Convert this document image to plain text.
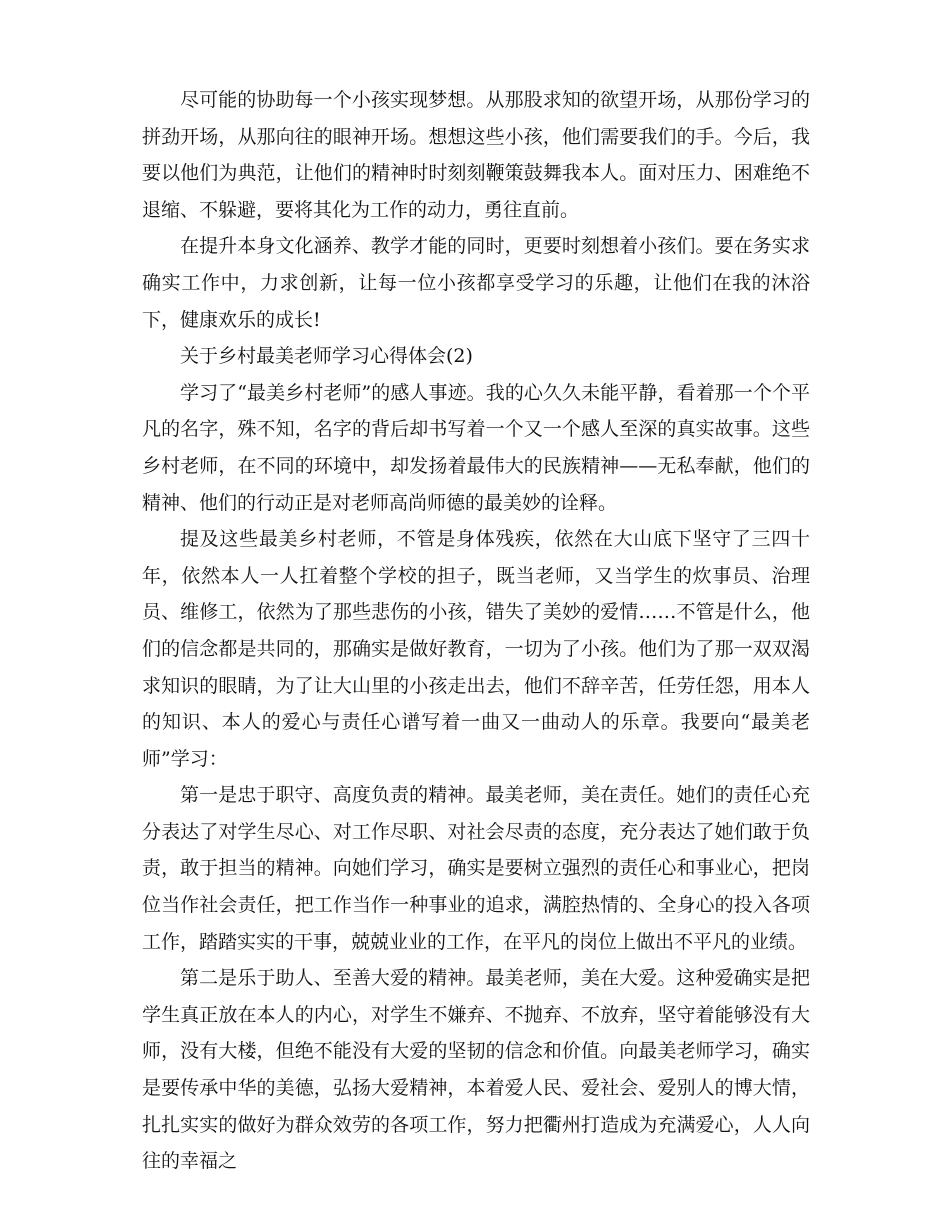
尽可能的协助每一个小孩实现梦想。从那股求知的欲望开场，从那份学习的拼劲开场，从那向往的眼神开场。想想这些小孩，他们需要我们的手。今后，我要以他们为典范，让他们的精神时时刻刻鞭策鼓舞我本人。面对压力、困难绝不退缩、不躲避，要将其化为工作的动力，勇往直前。

在提升本身文化涵养、教学才能的同时，更要时刻想着小孩们。要在务实求确实工作中，力求创新，让每一位小孩都享受学习的乐趣，让他们在我的沐浴下，健康欢乐的成长!

关于乡村最美老师学习心得体会(2)

学习了“最美乡村老师”的感人事迹。我的心久久未能平静，看着那一个个平凡的名字，殊不知，名字的背后却书写着一个又一个感人至深的真实故事。这些乡村老师，在不同的环境中，却发扬着最伟大的民族精神——无私奉献，他们的精神、他们的行动正是对老师高尚师德的最美妙的诠释。

提及这些最美乡村老师，不管是身体残疾，依然在大山底下坚守了三四十年，依然本人一人扛着整个学校的担子，既当老师，又当学生的炊事员、治理员、维修工，依然为了那些悲伤的小孩，错失了美妙的爱情……不管是什么，他们的信念都是共同的，那确实是做好教育，一切为了小孩。他们为了那一双双渴求知识的眼睛，为了让大山里的小孩走出去，他们不辞辛苦，任劳任怨，用本人的知识、本人的爱心与责任心谱写着一曲又一曲动人的乐章。我要向“最美老师”学习：

第一是忠于职守、高度负责的精神。最美老师，美在责任。她们的责任心充分表达了对学生尽心、对工作尽职、对社会尽责的态度，充分表达了她们敢于负责，敢于担当的精神。向她们学习，确实是要树立强烈的责任心和事业心，把岗位当作社会责任，把工作当作一种事业的追求，满腔热情的、全身心的投入各项工作，踏踏实实的干事，兢兢业业的工作，在平凡的岗位上做出不平凡的业绩。

第二是乐于助人、至善大爱的精神。最美老师，美在大爱。这种爱确实是把学生真正放在本人的内心，对学生不嫌弃、不抛弃、不放弃，坚守着能够没有大师，没有大楼，但绝不能没有大爱的坚韧的信念和价值。向最美老师学习，确实是要传承中华的美德，弘扬大爱精神，本着爱人民、爱社会、爱别人的博大情，扎扎实实的做好为群众效劳的各项工作，努力把衢州打造成为充满爱心，人人向往的幸福之
